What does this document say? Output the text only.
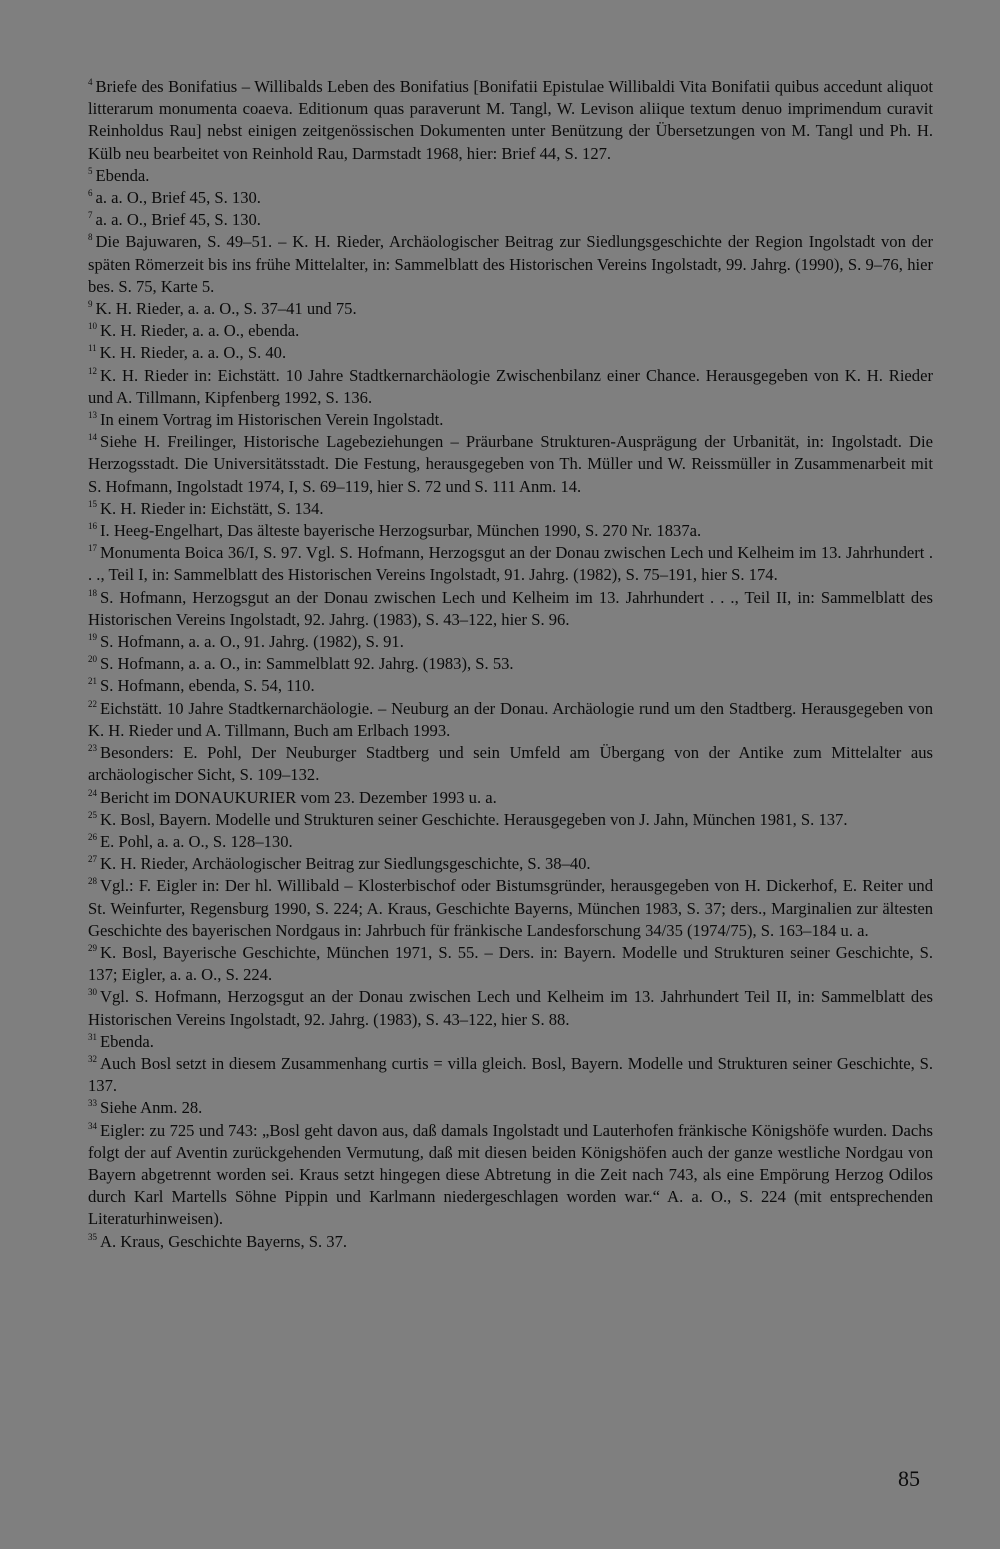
$^4$ Briefe des Bonifatius – Willibalds Leben des Bonifatius [Bonifatii Epistulae Willibaldi Vita Bonifatii quibus accedunt aliquot litterarum monumenta coaeva. Editionum quas paraverunt M. Tangl, W. Levison aliique textum denuo imprimendum curavit Reinholdus Rau] nebst einigen zeitgenössischen Dokumenten unter Benützung der Übersetzungen von M. Tangl und Ph. H. Külb neu bearbeitet von Reinhold Rau, Darmstadt 1968, hier: Brief 44, S. 127.

$^5$ Ebenda.

$^6$ a. a. O., Brief 45, S. 130.

$^7$ a. a. O., Brief 45, S. 130.

$^8$ Die Bajuwaren, S. 49–51. – K. H. Rieder, Archäologischer Beitrag zur Siedlungsgeschichte der Region Ingolstadt von der späten Römerzeit bis ins frühe Mittelalter, in: Sammelblatt des Historischen Vereins Ingolstadt, 99. Jahrg. (1990), S. 9–76, hier bes. S. 75, Karte 5.

$^9$ K. H. Rieder, a. a. O., S. 37–41 und 75.

$^{10}$ K. H. Rieder, a. a. O., ebenda.

$^{11}$ K. H. Rieder, a. a. O., S. 40.

$^{12}$ K. H. Rieder in: Eichstätt. 10 Jahre Stadtkernarchäologie Zwischenbilanz einer Chance. Herausgegeben von K. H. Rieder und A. Tillmann, Kipfenberg 1992, S. 136.

$^{13}$ In einem Vortrag im Historischen Verein Ingolstadt.

$^{14}$ Siehe H. Freilinger, Historische Lagebeziehungen – Präurbane Strukturen-Ausprägung der Urbanität, in: Ingolstadt. Die Herzogsstadt. Die Universitätsstadt. Die Festung, herausgegeben von Th. Müller und W. Reissmüller in Zusammenarbeit mit S. Hofmann, Ingolstadt 1974, I, S. 69–119, hier S. 72 und S. 111 Anm. 14.

$^{15}$ K. H. Rieder in: Eichstätt, S. 134.

$^{16}$ I. Heeg-Engelhart, Das älteste bayerische Herzogsurbar, München 1990, S. 270 Nr. 1837a.

$^{17}$ Monumenta Boica 36/I, S. 97. Vgl. S. Hofmann, Herzogsgut an der Donau zwischen Lech und Kelheim im 13. Jahrhundert . . ., Teil I, in: Sammelblatt des Historischen Vereins Ingolstadt, 91. Jahrg. (1982), S. 75–191, hier S. 174.

$^{18}$ S. Hofmann, Herzogsgut an der Donau zwischen Lech und Kelheim im 13. Jahrhundert . . ., Teil II, in: Sammelblatt des Historischen Vereins Ingolstadt, 92. Jahrg. (1983), S. 43–122, hier S. 96.

$^{19}$ S. Hofmann, a. a. O., 91. Jahrg. (1982), S. 91.

$^{20}$ S. Hofmann, a. a. O., in: Sammelblatt 92. Jahrg. (1983), S. 53.

$^{21}$ S. Hofmann, ebenda, S. 54, 110.

$^{22}$ Eichstätt. 10 Jahre Stadtkernarchäologie. – Neuburg an der Donau. Archäologie rund um den Stadtberg. Herausgegeben von K. H. Rieder und A. Tillmann, Buch am Erlbach 1993.

$^{23}$ Besonders: E. Pohl, Der Neuburger Stadtberg und sein Umfeld am Übergang von der Antike zum Mittelalter aus archäologischer Sicht, S. 109–132.

$^{24}$ Bericht im DONAUKURIER vom 23. Dezember 1993 u. a.

$^{25}$ K. Bosl, Bayern. Modelle und Strukturen seiner Geschichte. Herausgegeben von J. Jahn, München 1981, S. 137.

$^{26}$ E. Pohl, a. a. O., S. 128–130.

$^{27}$ K. H. Rieder, Archäologischer Beitrag zur Siedlungsgeschichte, S. 38–40.

$^{28}$ Vgl.: F. Eigler in: Der hl. Willibald – Klosterbischof oder Bistumsgründer, herausgegeben von H. Dickerhof, E. Reiter und St. Weinfurter, Regensburg 1990, S. 224; A. Kraus, Geschichte Bayerns, München 1983, S. 37; ders., Marginalien zur ältesten Geschichte des bayerischen Nordgaus in: Jahrbuch für fränkische Landesforschung 34/35 (1974/75), S. 163–184 u. a.

$^{29}$ K. Bosl, Bayerische Geschichte, München 1971, S. 55. – Ders. in: Bayern. Modelle und Strukturen seiner Geschichte, S. 137; Eigler, a. a. O., S. 224.

$^{30}$ Vgl. S. Hofmann, Herzogsgut an der Donau zwischen Lech und Kelheim im 13. Jahrhundert Teil II, in: Sammelblatt des Historischen Vereins Ingolstadt, 92. Jahrg. (1983), S. 43–122, hier S. 88.

$^{31}$ Ebenda.

$^{32}$ Auch Bosl setzt in diesem Zusammenhang curtis = villa gleich. Bosl, Bayern. Modelle und Strukturen seiner Geschichte, S. 137.

$^{33}$ Siehe Anm. 28.

$^{34}$ Eigler: zu 725 und 743: „Bosl geht davon aus, daß damals Ingolstadt und Lauterhofen fränkische Königshöfe wurden. Dachs folgt der auf Aventin zurückgehenden Vermutung, daß mit diesen beiden Königshöfen auch der ganze westliche Nordgau von Bayern abgetrennt worden sei. Kraus setzt hingegen diese Abtretung in die Zeit nach 743, als eine Empörung Herzog Odilos durch Karl Martells Söhne Pippin und Karlmann niedergeschlagen worden war.“ A. a. O., S. 224 (mit entsprechenden Literaturhinweisen).

$^{35}$ A. Kraus, Geschichte Bayerns, S. 37.

85
